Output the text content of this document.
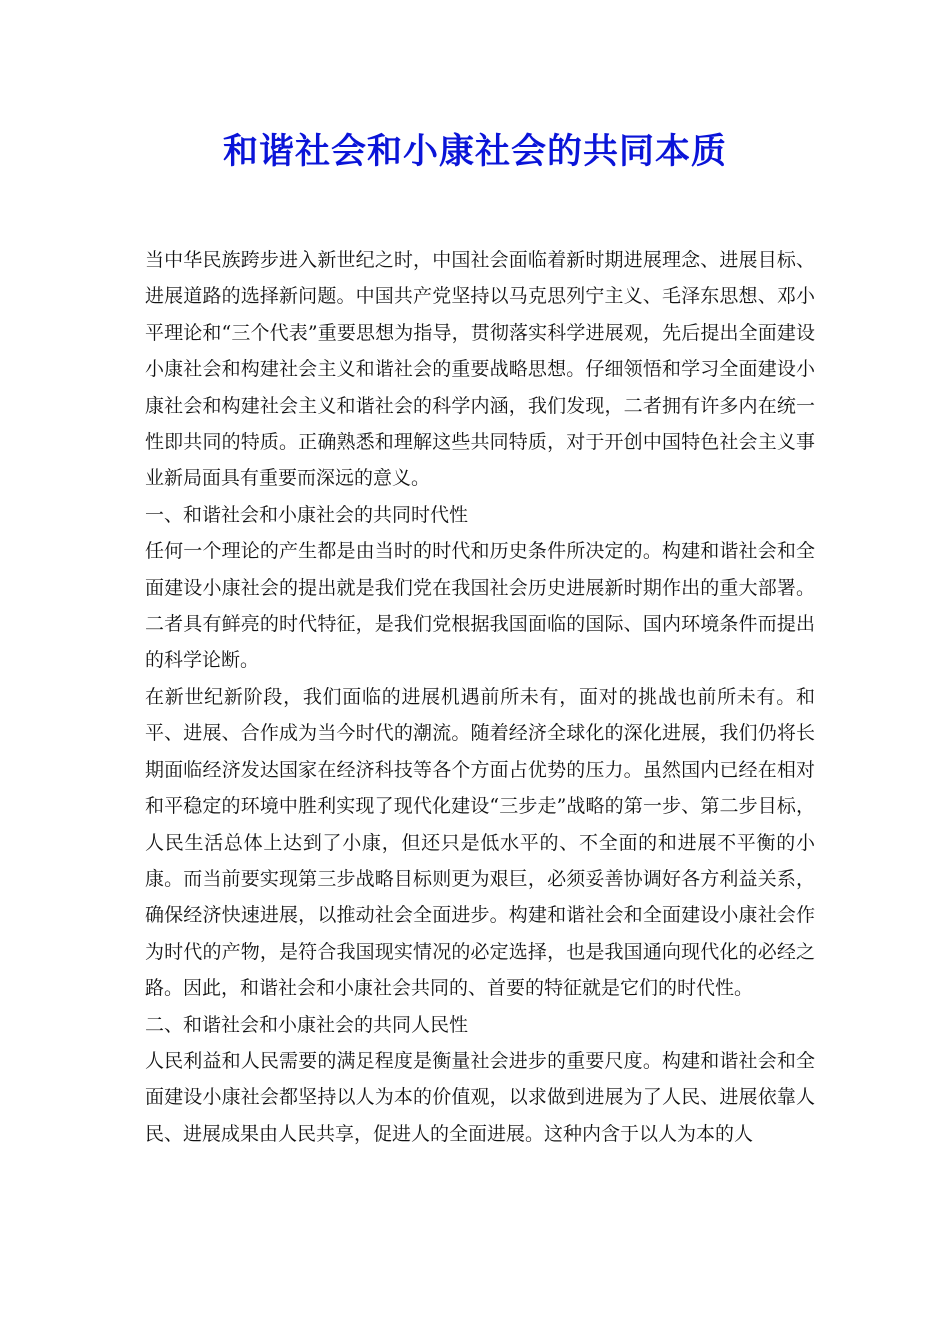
和谐社会和小康社会的共同本质

当中华民族跨步进入新世纪之时，中国社会面临着新时期进展理念、进展目标、进展道路的选择新问题。中国共产党坚持以马克思列宁主义、毛泽东思想、邓小平理论和“三个代表”重要思想为指导，贯彻落实科学进展观，先后提出全面建设小康社会和构建社会主义和谐社会的重要战略思想。仔细领悟和学习全面建设小康社会和构建社会主义和谐社会的科学内涵，我们发现，二者拥有许多内在统一性即共同的特质。正确熟悉和理解这些共同特质，对于开创中国特色社会主义事业新局面具有重要而深远的意义。

一、和谐社会和小康社会的共同时代性

任何一个理论的产生都是由当时的时代和历史条件所决定的。构建和谐社会和全面建设小康社会的提出就是我们党在我国社会历史进展新时期作出的重大部署。二者具有鲜亮的时代特征，是我们党根据我国面临的国际、国内环境条件而提出的科学论断。

在新世纪新阶段，我们面临的进展机遇前所未有，面对的挑战也前所未有。和平、进展、合作成为当今时代的潮流。随着经济全球化的深化进展，我们仍将长期面临经济发达国家在经济科技等各个方面占优势的压力。虽然国内已经在相对和平稳定的环境中胜利实现了现代化建设“三步走”战略的第一步、第二步目标，人民生活总体上达到了小康，但还只是低水平的、不全面的和进展不平衡的小康。而当前要实现第三步战略目标则更为艰巨，必须妥善协调好各方利益关系，确保经济快速进展，以推动社会全面进步。构建和谐社会和全面建设小康社会作为时代的产物，是符合我国现实情况的必定选择，也是我国通向现代化的必经之路。因此，和谐社会和小康社会共同的、首要的特征就是它们的时代性。

二、和谐社会和小康社会的共同人民性

人民利益和人民需要的满足程度是衡量社会进步的重要尺度。构建和谐社会和全面建设小康社会都坚持以人为本的价值观，以求做到进展为了人民、进展依靠人民、进展成果由人民共享，促进人的全面进展。这种内含于以人为本的人
